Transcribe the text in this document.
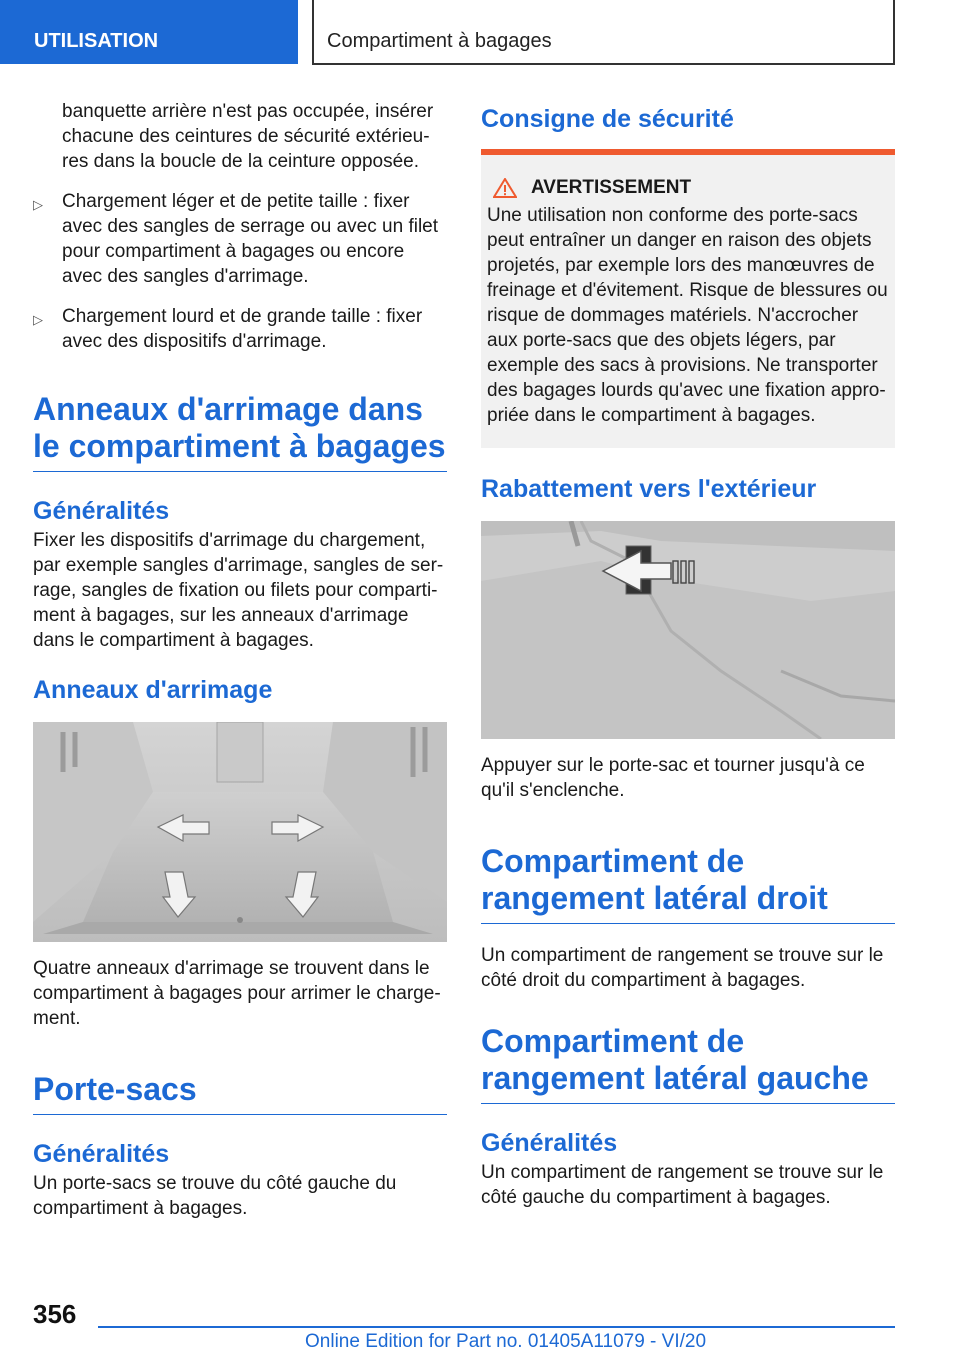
UTILISATION	Compartiment à bagages

banquette arrière n'est pas occupée, insérer chacune des ceintures de sécurité extérieures dans la boucle de la ceinture opposée.

▷ Chargement léger et de petite taille : fixer avec des sangles de serrage ou avec un filet pour compartiment à bagages ou encore avec des sangles d'arrimage.
▷ Chargement lourd et de grande taille : fixer avec des dispositifs d'arrimage.
Anneaux d'arrimage dans le compartiment à bagages
Généralités

Fixer les dispositifs d'arrimage du chargement, par exemple sangles d'arrimage, sangles de serrage, sangles de fixation ou filets pour compartiment à bagages, sur les anneaux d'arrimage dans le compartiment à bagages.

Anneaux d'arrimage

Quatre anneaux d'arrimage se trouvent dans le compartiment à bagages pour arrimer le chargement.

Porte-sacs
Généralités

Un porte-sacs se trouve du côté gauche du compartiment à bagages.

Consigne de sécurité
AVERTISSEMENT

Une utilisation non conforme des porte-sacs peut entraîner un danger en raison des objets projetés, par exemple lors des manœuvres de freinage et d'évitement. Risque de blessures ou risque de dommages matériels. N'accrocher aux porte-sacs que des objets légers, par exemple des sacs à provisions. Ne transporter des bagages lourds qu'avec une fixation appropriée dans le compartiment à bagages.

Rabattement vers l'extérieur

Appuyer sur le porte-sac et tourner jusqu'à ce qu'il s'enclenche.

Compartiment de rangement latéral droit

Un compartiment de rangement se trouve sur le côté droit du compartiment à bagages.

Compartiment de rangement latéral gauche
Généralités

Un compartiment de rangement se trouve sur le côté gauche du compartiment à bagages.

356
Online Edition for Part no. 01405A11079 - VI/20
